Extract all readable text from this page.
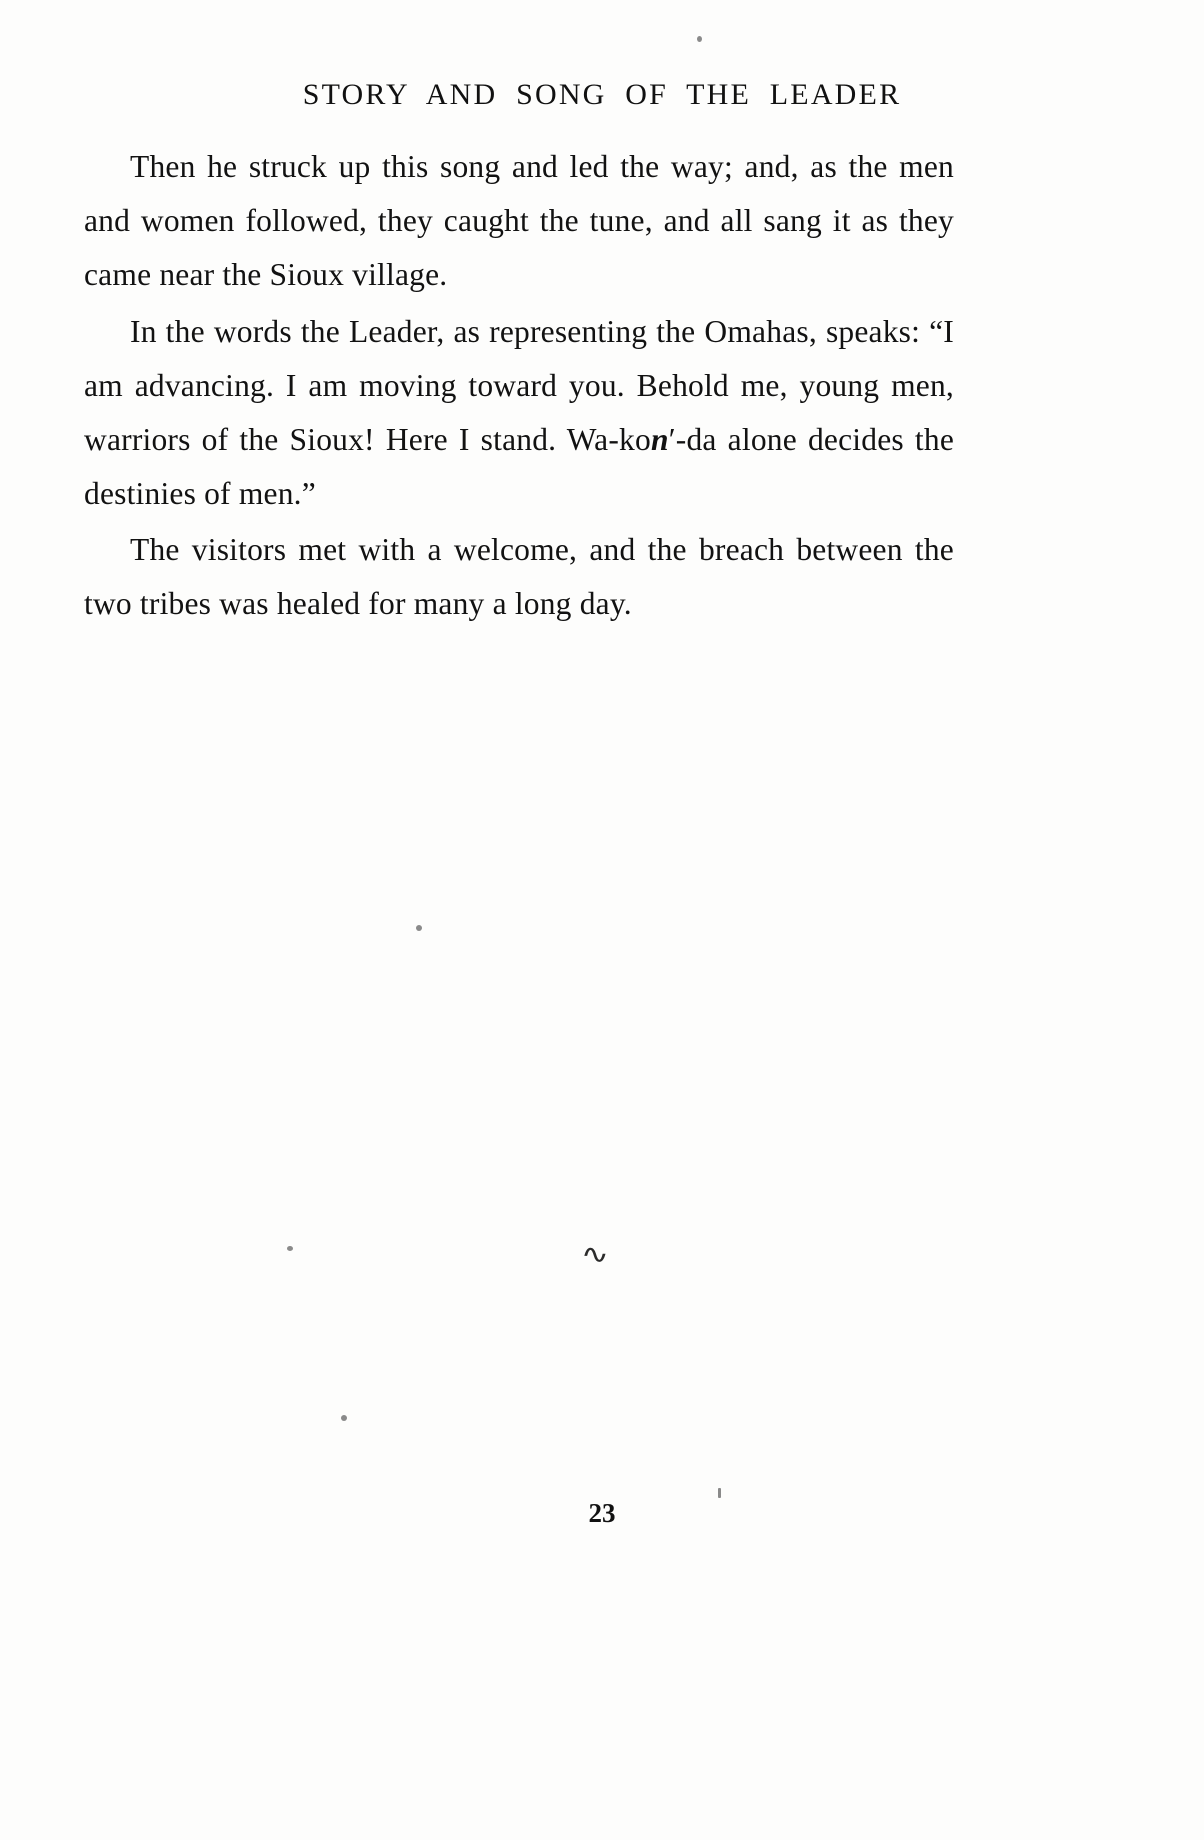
STORY AND SONG OF THE LEADER

Then he struck up this song and led the way; and, as the men and women followed, they caught the tune, and all sang it as they came near the Sioux village.

In the words the Leader, as representing the Omahas, speaks: “I am advancing. I am moving toward you. Behold me, young men, warriors of the Sioux! Here I stand. Wa-kon′-da alone decides the destinies of men.”

The visitors met with a welcome, and the breach between the two tribes was healed for many a long day.

∿
23
